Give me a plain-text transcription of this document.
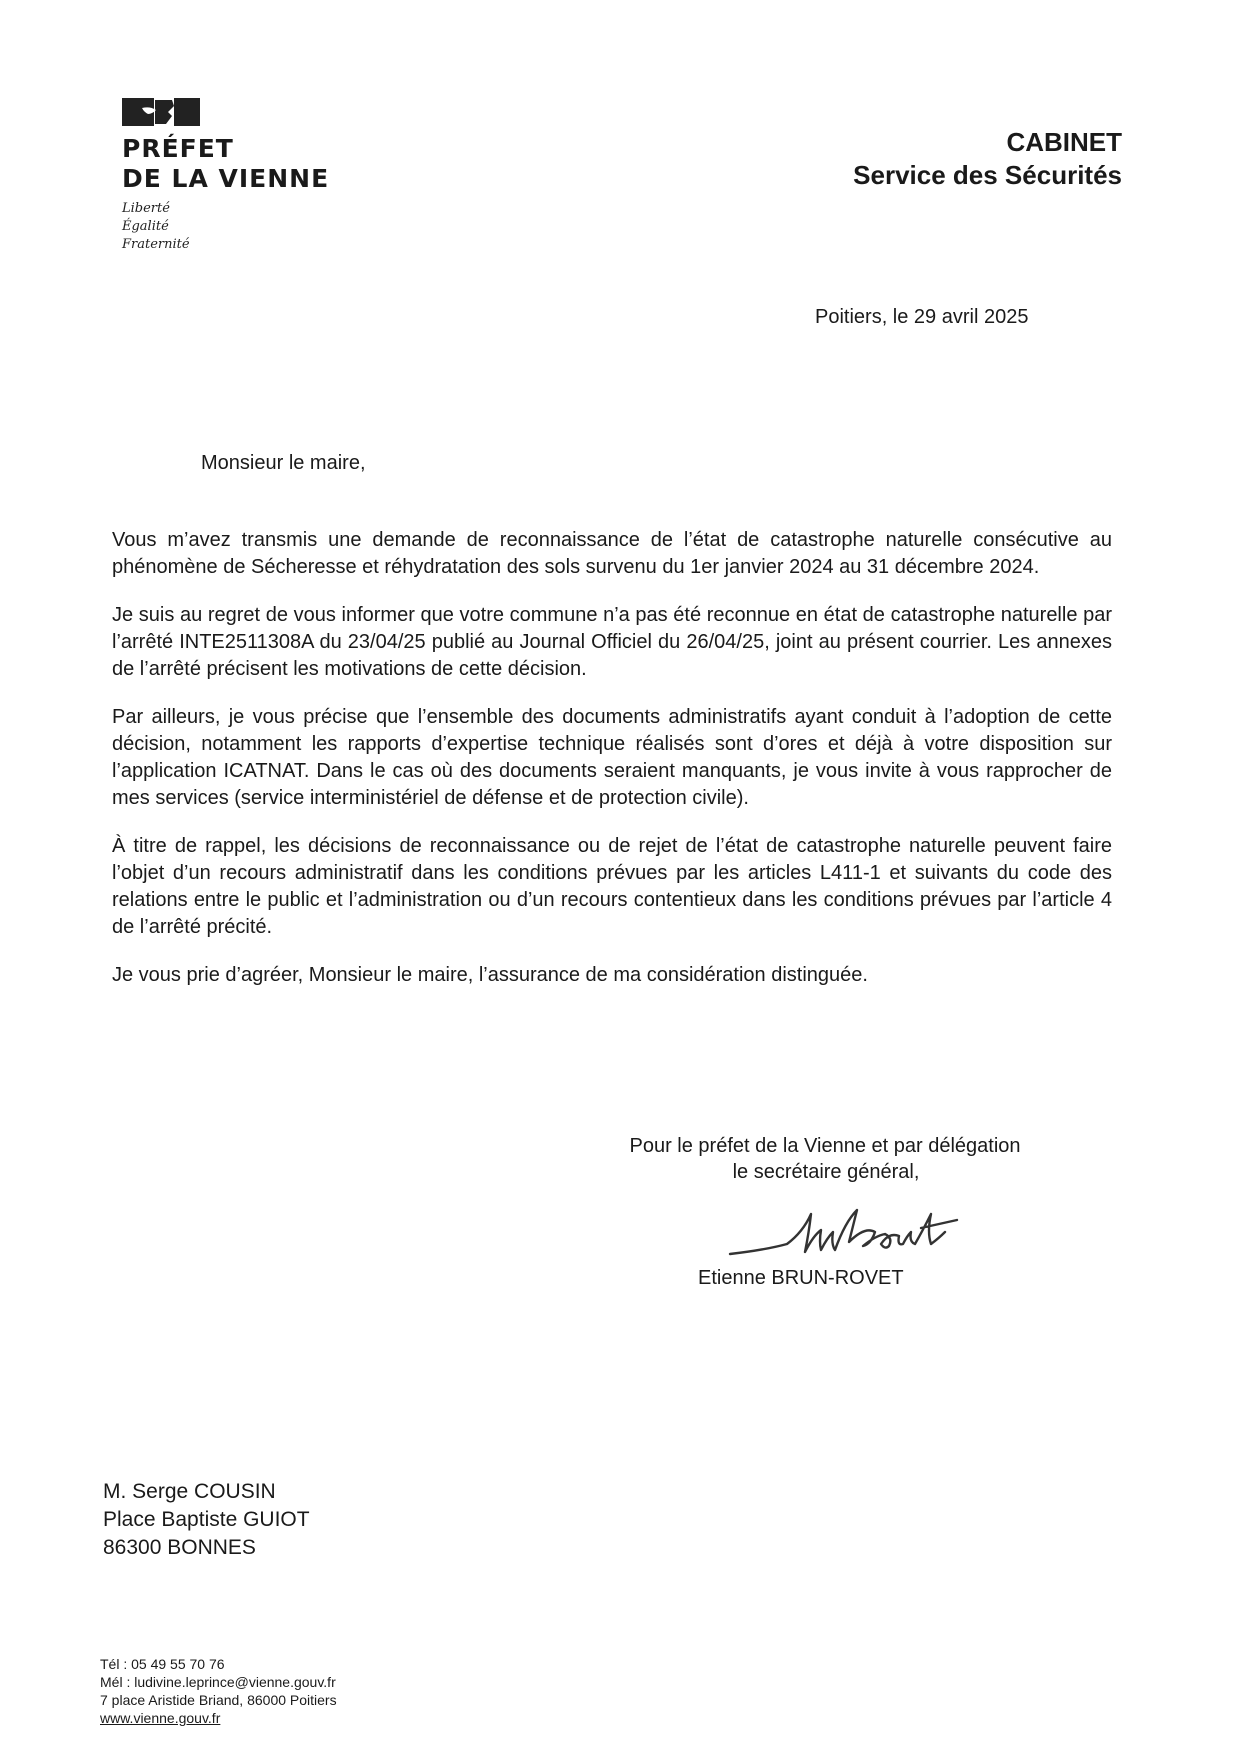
PRÉFET
DE LA VIENNE
Liberté
Égalité
Fraternité
CABINET
Service des Sécurités
Poitiers, le 29 avril 2025
Monsieur le maire,

Vous m’avez transmis une demande de reconnaissance de l’état de catastrophe naturelle consécutive au phénomène de Sécheresse et réhydratation des sols survenu du 1er janvier 2024 au 31 décembre 2024.

Je suis au regret de vous informer que votre commune n’a pas été reconnue en état de catastrophe naturelle par l’arrêté INTE2511308A du 23/04/25 publié au Journal Officiel du 26/04/25, joint au présent courrier. Les annexes de l’arrêté précisent les motivations de cette décision.

Par ailleurs, je vous précise que l’ensemble des documents administratifs ayant conduit à l’adoption de cette décision, notamment les rapports d’expertise technique réalisés sont d’ores et déjà à votre disposition sur l’application ICATNAT. Dans le cas où des documents seraient manquants, je vous invite à vous rapprocher de mes services (service interministériel de défense et de protection civile).

À titre de rappel, les décisions de reconnaissance ou de rejet de l’état de catastrophe naturelle peuvent faire l’objet d’un recours administratif dans les conditions prévues par les articles L411-1 et suivants du code des relations entre le public et l’administration ou d’un recours contentieux dans les conditions prévues par l’article 4 de l’arrêté précité.

Je vous prie d’agréer, Monsieur le maire, l’assurance de ma considération distinguée.

Pour le préfet de la Vienne et par délégation
le secrétaire général,
Etienne BRUN-ROVET
M. Serge COUSIN
Place Baptiste GUIOT
86300 BONNES
Tél : 05 49 55 70 76
Mél : ludivine.leprince@vienne.gouv.fr
7 place Aristide Briand, 86000 Poitiers
www.vienne.gouv.fr
